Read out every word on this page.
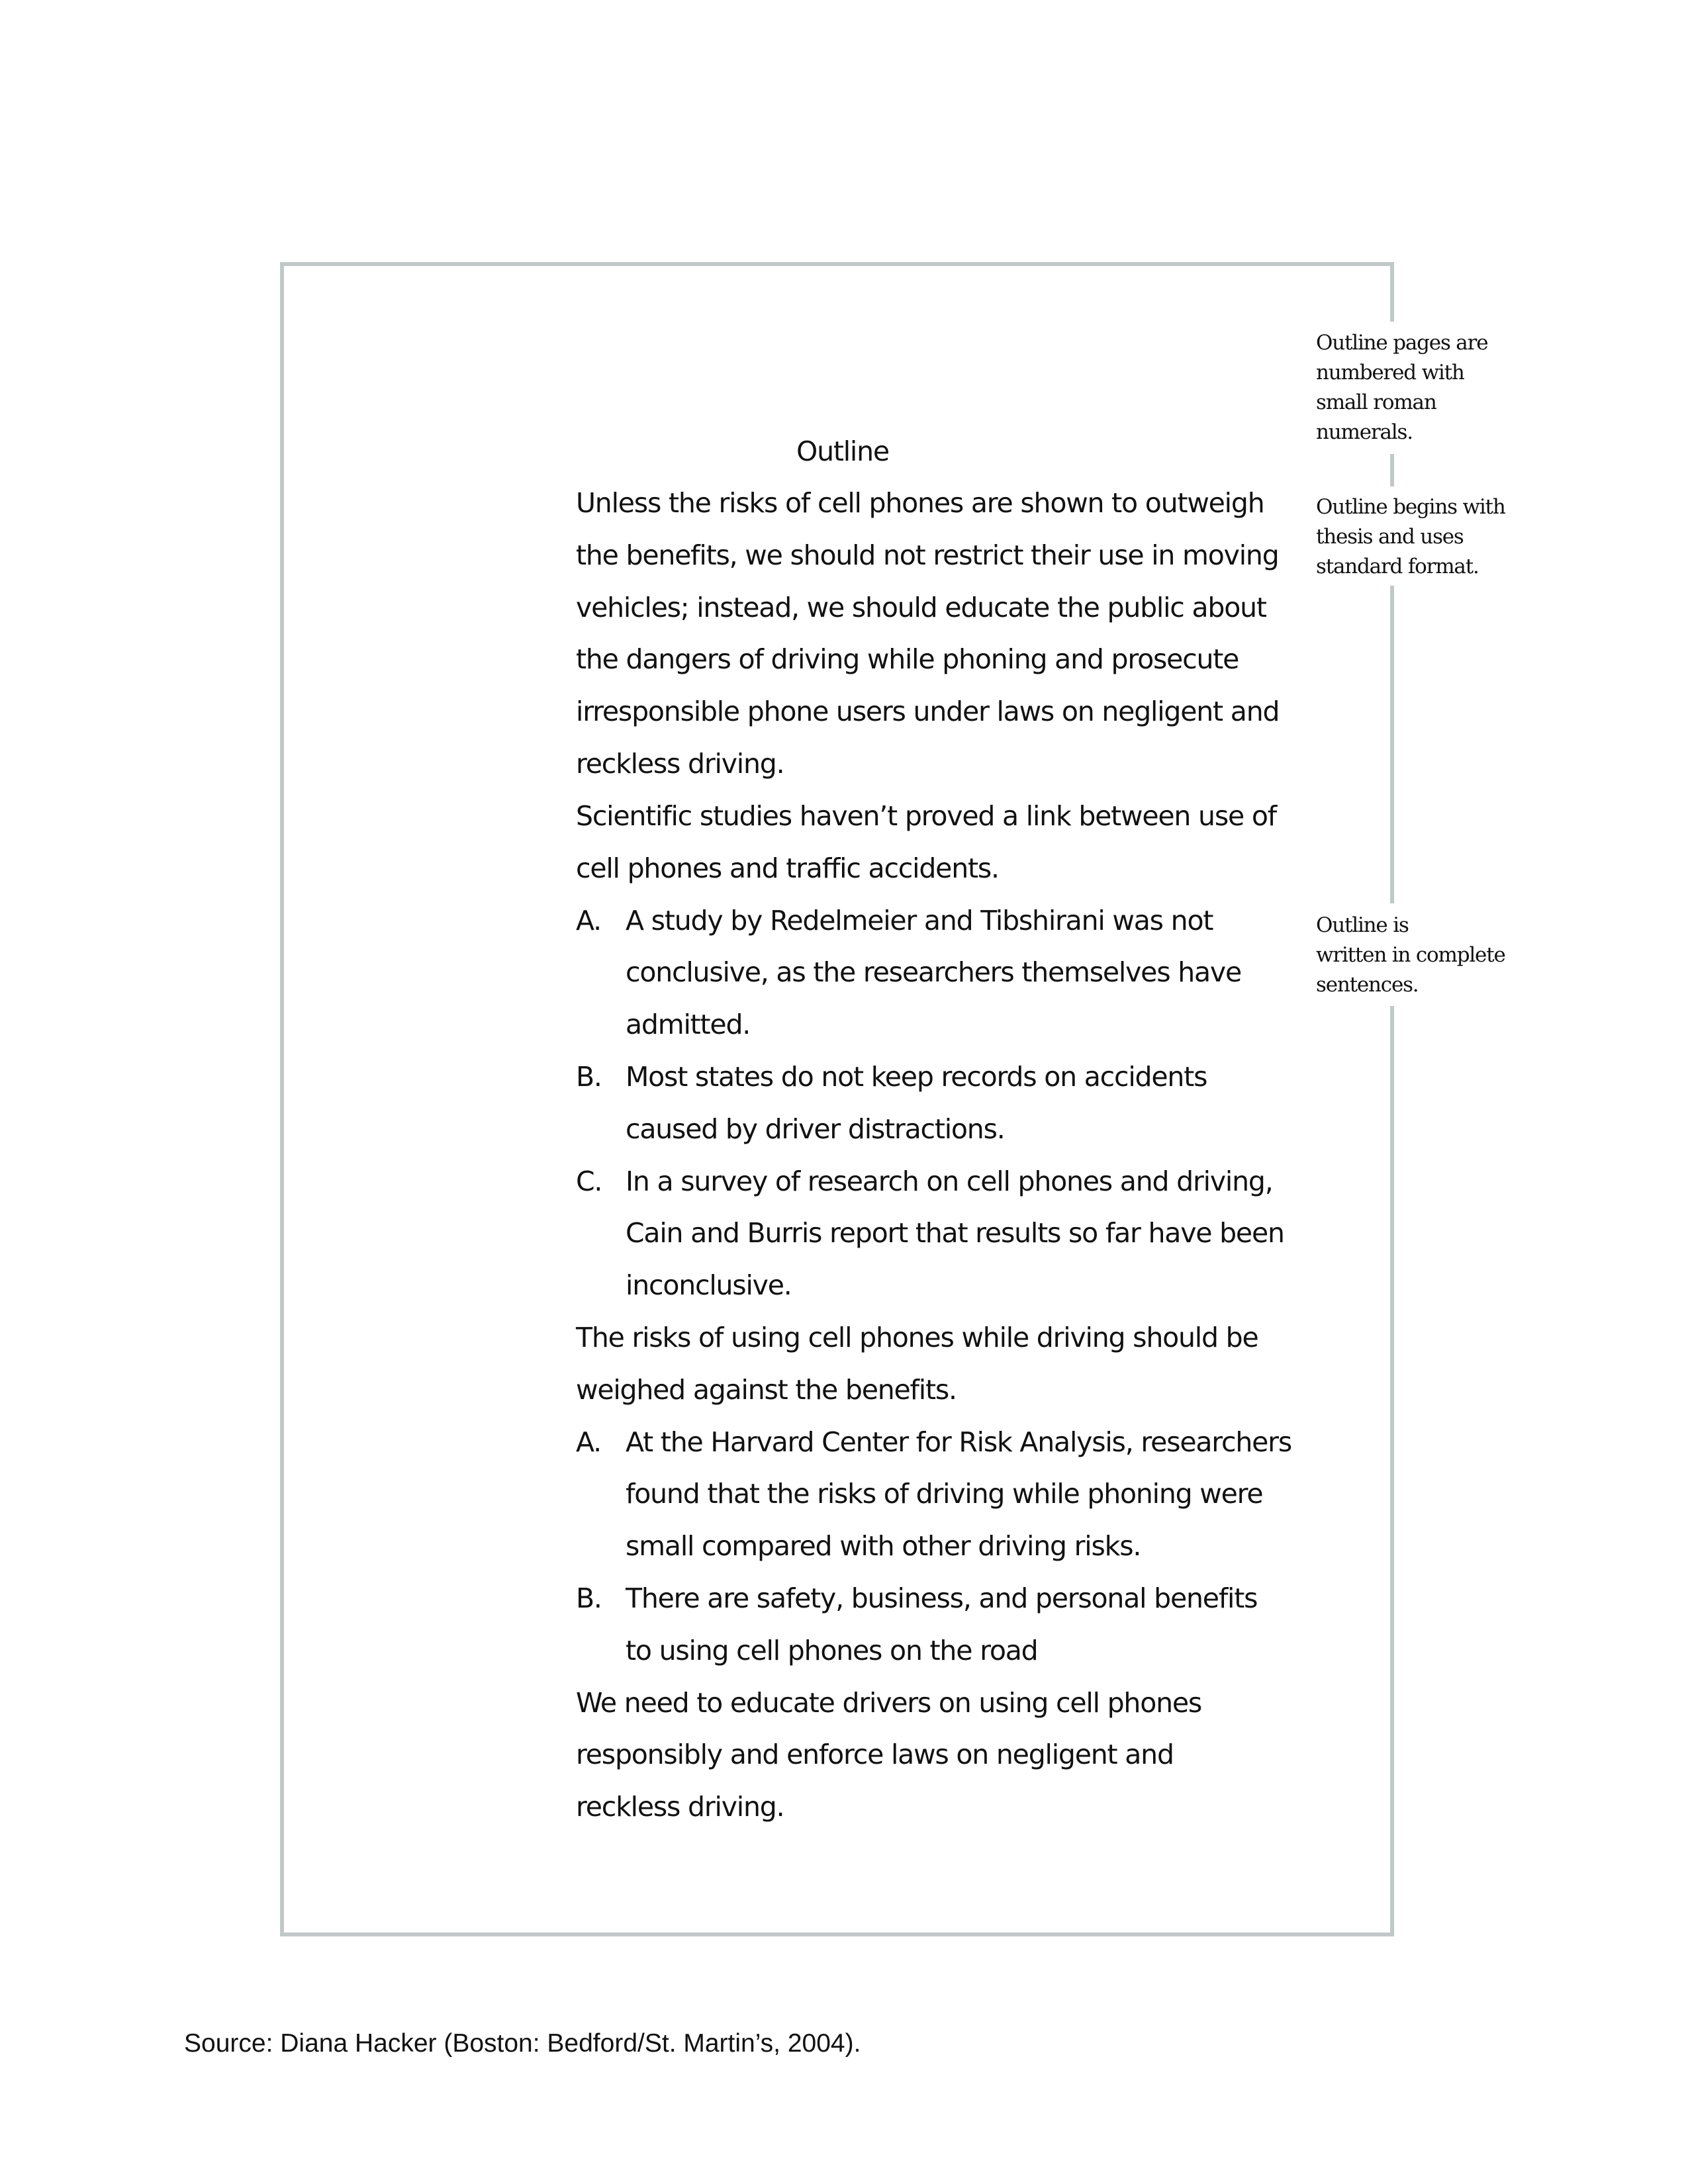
Outline
Unless the risks of cell phones are shown to outweigh
the benefits, we should not restrict their use in moving
vehicles; instead, we should educate the public about
the dangers of driving while phoning and prosecute
irresponsible phone users under laws on negligent and
reckless driving.
Scientific studies haven’t proved a link between use of
cell phones and traffic accidents.
A. A study by Redelmeier and Tibshirani was not
conclusive, as the researchers themselves have
admitted.
B. Most states do not keep records on accidents
caused by driver distractions.
C. In a survey of research on cell phones and driving,
Cain and Burris report that results so far have been
inconclusive.
The risks of using cell phones while driving should be
weighed against the benefits.
A. At the Harvard Center for Risk Analysis, researchers
found that the risks of driving while phoning were
small compared with other driving risks.
B. There are safety, business, and personal benefits
to using cell phones on the road
We need to educate drivers on using cell phones
responsibly and enforce laws on negligent and
reckless driving.
Outline pages are
numbered with
small roman
numerals.
Outline begins with
thesis and uses
standard format.
Outline is
written in complete
sentences.
Source: Diana Hacker (Boston: Bedford/St. Martin’s, 2004).
